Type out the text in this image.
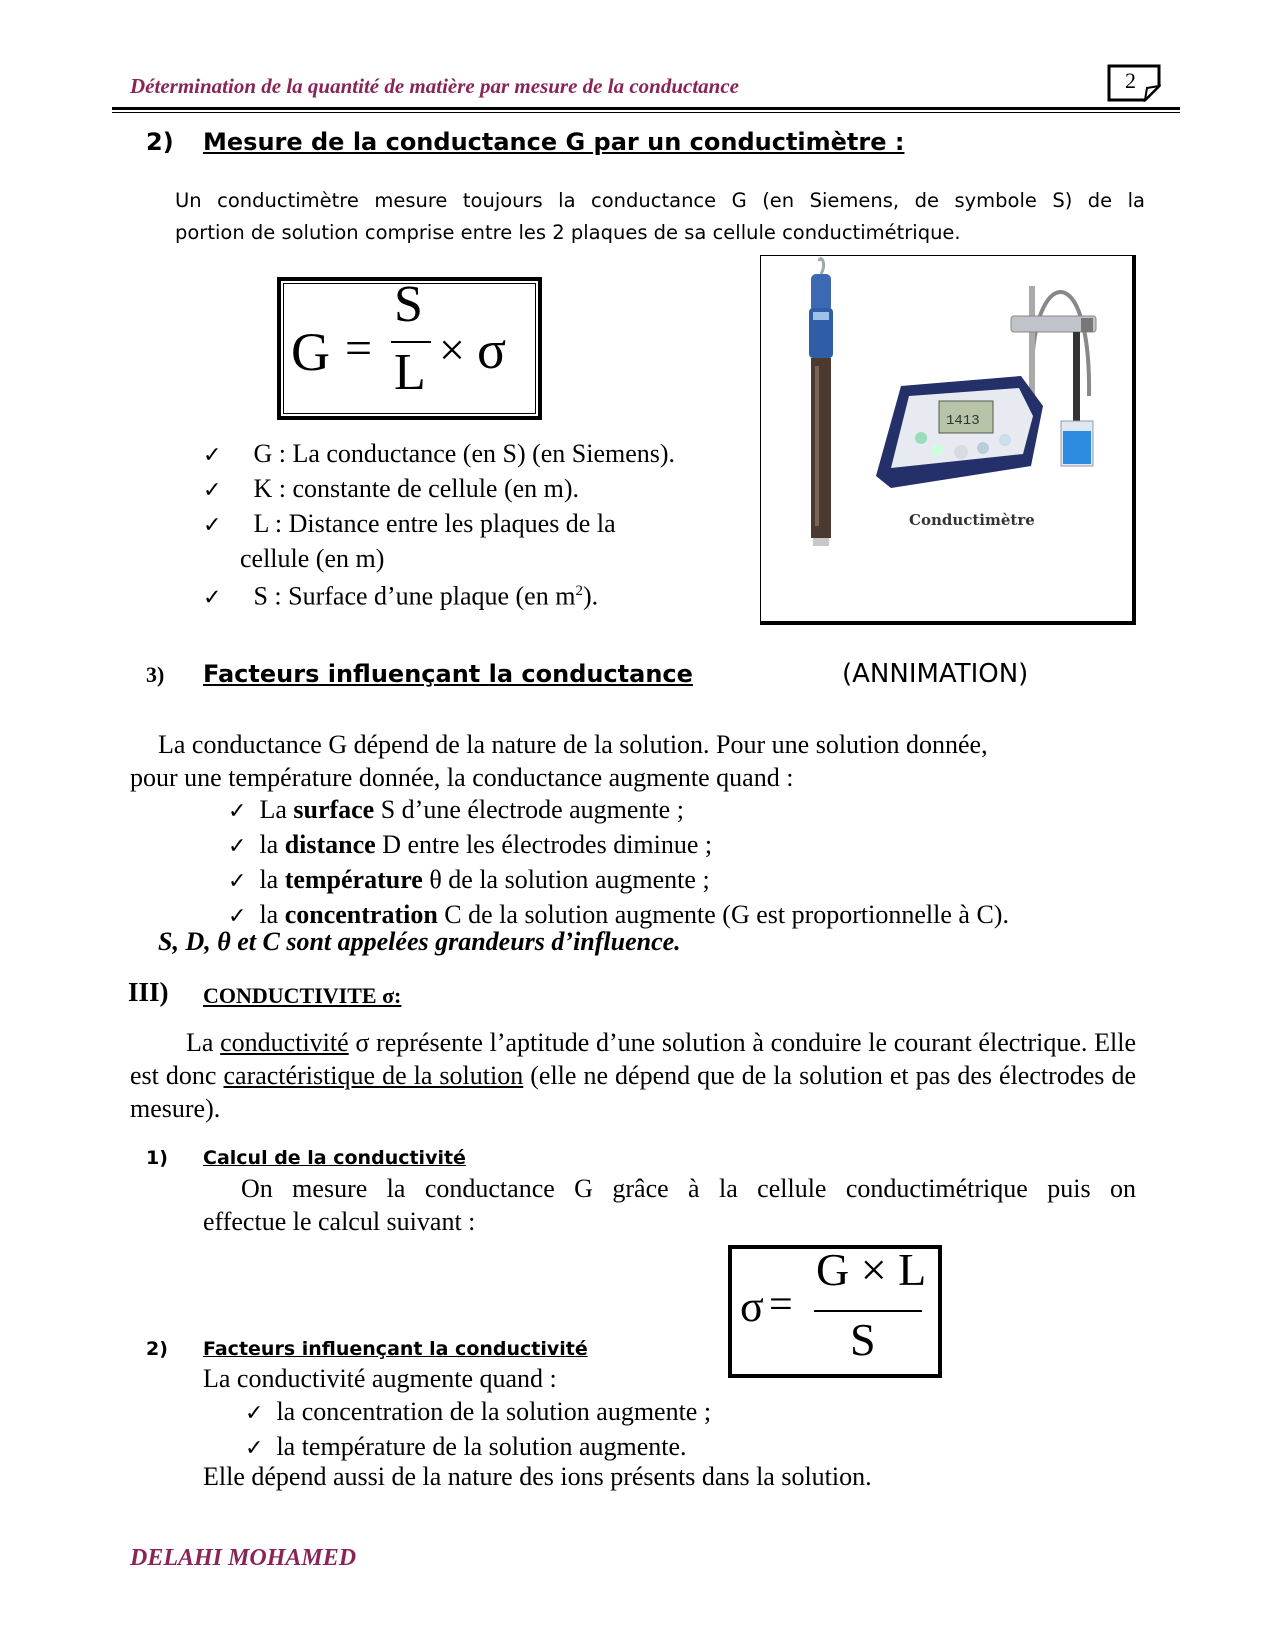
Détermination de la quantité de matière par mesure de la conductance	2
2) Mesure de la conductance G par un conductimètre :
Un conductimètre mesure toujours la conductance G (en Siemens, de symbole S) de la
portion de solution comprise entre les 2 plaques de sa cellule conductimétrique.
G =
S
L × σ
✓ G : La conductance (en S) (en Siemens).
✓ K : constante de cellule (en m).
✓ L : Distance entre les plaques de la
cellule (en m)
✓ S : Surface d’une plaque (en $m^2$).
1413
Conductimètre
3) Facteurs influençant la conductance	(ANNIMATION)
La conductance G dépend de la nature de la solution. Pour une solution donnée,
pour une température donnée, la conductance augmente quand :
✓ La surface S d’une électrode augmente ;
✓ la distance D entre les électrodes diminue ;
✓ la température θ de la solution augmente ;
✓ la concentration C de la solution augmente (G est proportionnelle à C).
S, D, θ et C sont appelées grandeurs d’influence.
III) CONDUCTIVITE σ:
La conductivité σ représente l’aptitude d’une solution à conduire le courant électrique. Elle est donc caractéristique de la solution (elle ne dépend que de la solution et pas des électrodes de mesure).
1) Calcul de la conductivité
On mesure la conductance G grâce à la cellule conductimétrique puis on
effectue le calcul suivant :
σ =
G × L
S
2) Facteurs influençant la conductivité
La conductivité augmente quand :
✓ la concentration de la solution augmente ;
✓ la température de la solution augmente.
Elle dépend aussi de la nature des ions présents dans la solution.
DELAHI MOHAMED
